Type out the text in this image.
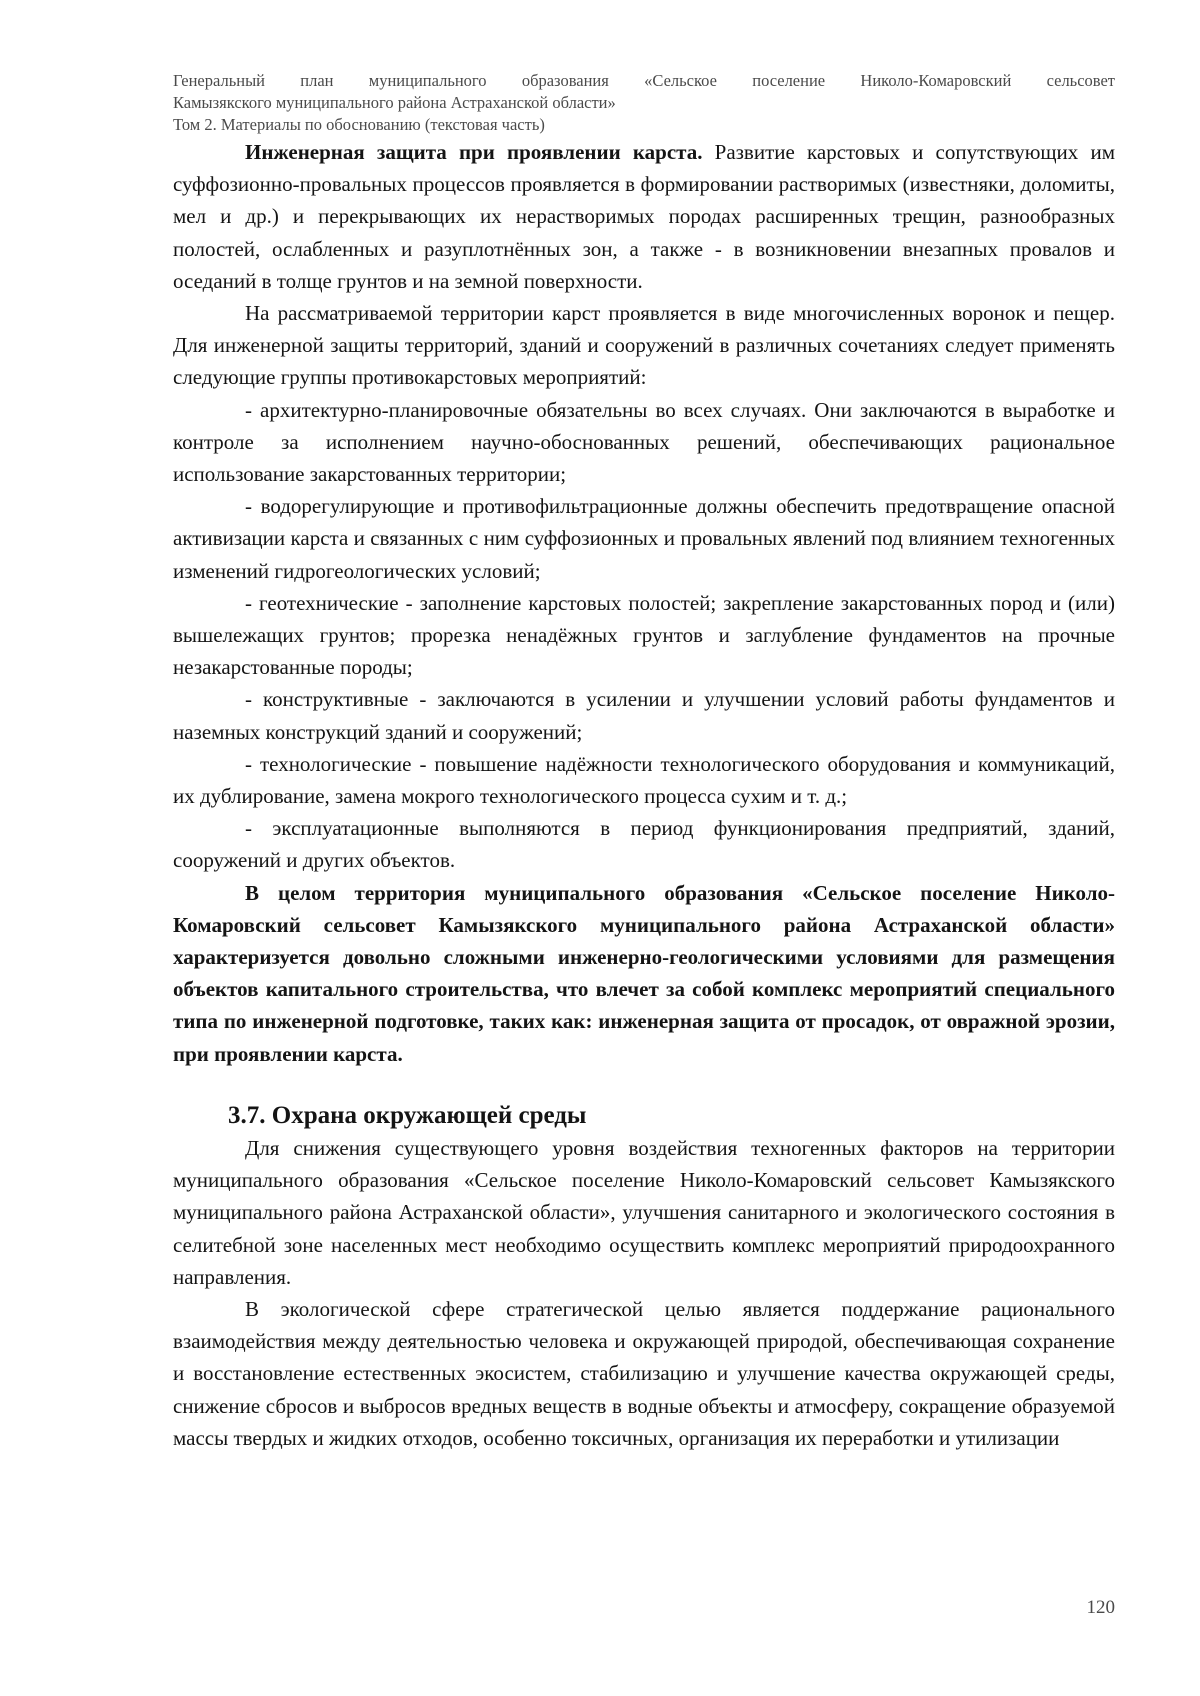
Генеральный план муниципального образования «Сельское поселение Николо-Комаровский сельсовет
Камызякского муниципального района Астраханской области»
Том 2. Материалы по обоснованию (текстовая часть)

Инженерная защита при проявлении карста. Развитие карстовых и сопутствующих им суффозионно-провальных процессов проявляется в формировании растворимых (известняки, доломиты, мел и др.) и перекрывающих их нерастворимых породах расширенных трещин, разнообразных полостей, ослабленных и разуплотнённых зон, а также - в возникновении внезапных провалов и оседаний в толще грунтов и на земной поверхности.

На рассматриваемой территории карст проявляется в виде многочисленных воронок и пещер. Для инженерной защиты территорий, зданий и сооружений в различных сочетаниях следует применять следующие группы противокарстовых мероприятий:

- архитектурно-планировочные обязательны во всех случаях. Они заключаются в выработке и контроле за исполнением научно-обоснованных решений, обеспечивающих рациональное использование закарстованных территории;

- водорегулирующие и противофильтрационные должны обеспечить предотвращение опасной активизации карста и связанных с ним суффозионных и провальных явлений под влиянием техногенных изменений гидрогеологических условий;

- геотехнические - заполнение карстовых полостей; закрепление закарстованных пород и (или) вышележащих грунтов; прорезка ненадёжных грунтов и заглубление фундаментов на прочные незакарстованные породы;

- конструктивные - заключаются в усилении и улучшении условий работы фундаментов и наземных конструкций зданий и сооружений;

- технологические - повышение надёжности технологического оборудования и коммуникаций, их дублирование, замена мокрого технологического процесса сухим и т. д.;

- эксплуатационные выполняются в период функционирования предприятий, зданий, сооружений и других объектов.

В целом территория муниципального образования «Сельское поселение Николо-Комаровский сельсовет Камызякского муниципального района Астраханской области» характеризуется довольно сложными инженерно-геологическими условиями для размещения объектов капитального строительства, что влечет за собой комплекс мероприятий специального типа по инженерной подготовке, таких как: инженерная защита от просадок, от овражной эрозии, при проявлении карста.

3.7. Охрана окружающей среды

Для снижения существующего уровня воздействия техногенных факторов на территории муниципального образования «Сельское поселение Николо-Комаровский сельсовет Камызякского муниципального района Астраханской области», улучшения санитарного и экологического состояния в селитебной зоне населенных мест необходимо осуществить комплекс мероприятий природоохранного направления.

В экологической сфере стратегической целью является поддержание рационального взаимодействия между деятельностью человека и окружающей природой, обеспечивающая сохранение и восстановление естественных экосистем, стабилизацию и улучшение качества окружающей среды, снижение сбросов и выбросов вредных веществ в водные объекты и атмосферу, сокращение образуемой массы твердых и жидких отходов, особенно токсичных, организация их переработки и утилизации

120
